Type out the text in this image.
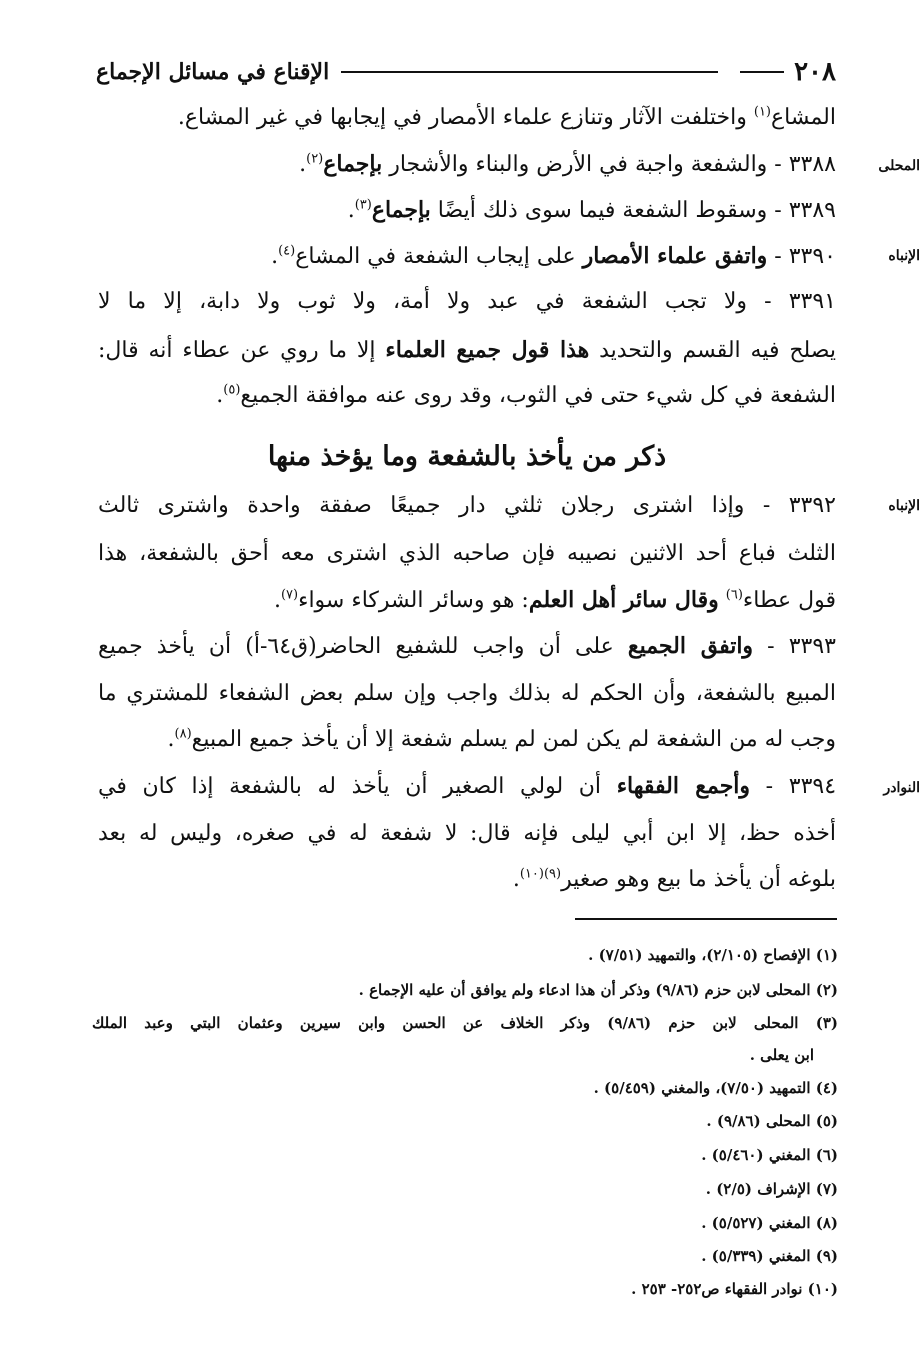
٢٠٨
الإقناع في مسائل الإجماع
المحلى
الإنباه
الإنباه
النوادر
المشاع$^{(١)}$ واختلفت الآثار وتنازع علماء الأمصار في إيجابها في غير المشاع.
٣٣٨٨ - والشفعة واجبة في الأرض والبناء والأشجار بإجماع$^{(٢)}$.
٣٣٨٩ - وسقوط الشفعة فيما سوى ذلك أيضًا بإجماع$^{(٣)}$.
٣٣٩٠ - واتفق علماء الأمصار على إيجاب الشفعة في المشاع$^{(٤)}$.
٣٣٩١ - ولا تجب الشفعة في عبد ولا أمة، ولا ثوب ولا دابة، إلا ما لا
يصلح فيه القسم والتحديد هذا قول جميع العلماء إلا ما روي عن عطاء أنه قال:
الشفعة في كل شيء حتى في الثوب، وقد روى عنه موافقة الجميع$^{(٥)}$.
ذكر من يأخذ بالشفعة وما يؤخذ منها
٣٣٩٢ - وإذا اشترى رجلان ثلثي دار جميعًا صفقة واحدة واشترى ثالث
الثلث فباع أحد الاثنين نصيبه فإن صاحبه الذي اشترى معه أحق بالشفعة، هذا
قول عطاء$^{(٦)}$ وقال سائر أهل العلم: هو وسائر الشركاء سواء$^{(٧)}$.
٣٣٩٣ - واتفق الجميع على أن واجب للشفيع الحاضر(ق٦٤-أ) أن يأخذ جميع
المبيع بالشفعة، وأن الحكم له بذلك واجب وإن سلم بعض الشفعاء للمشتري ما
وجب له من الشفعة لم يكن لمن لم يسلم شفعة إلا أن يأخذ جميع المبيع$^{(٨)}$.
٣٣٩٤ - وأجمع الفقهاء أن لولي الصغير أن يأخذ له بالشفعة إذا كان في
أخذه حظ، إلا ابن أبي ليلى فإنه قال: لا شفعة له في صغره، وليس له بعد
بلوغه أن يأخذ ما بيع وهو صغير$^{(٩)(١٠)}$.
(١) الإفصاح (٢/١٠٥)، والتمهيد (٧/٥١) .
(٢) المحلى لابن حزم (٩/٨٦) وذكر أن هذا ادعاء ولم يوافق أن عليه الإجماع .
(٣) المحلى لابن حزم (٩/٨٦) وذكر الخلاف عن الحسن وابن سيرين وعثمان البتي وعبد الملك
ابن يعلى .
(٤) التمهيد (٧/٥٠)، والمغني (٥/٤٥٩) .
(٥) المحلى (٩/٨٦) .
(٦) المغني (٥/٤٦٠) .
(٧) الإشراف (٢/٥) .
(٨) المغني (٥/٥٢٧) .
(٩) المغني (٥/٣٣٩) .
(١٠) نوادر الفقهاء ص٢٥٢- ٢٥٣ .
